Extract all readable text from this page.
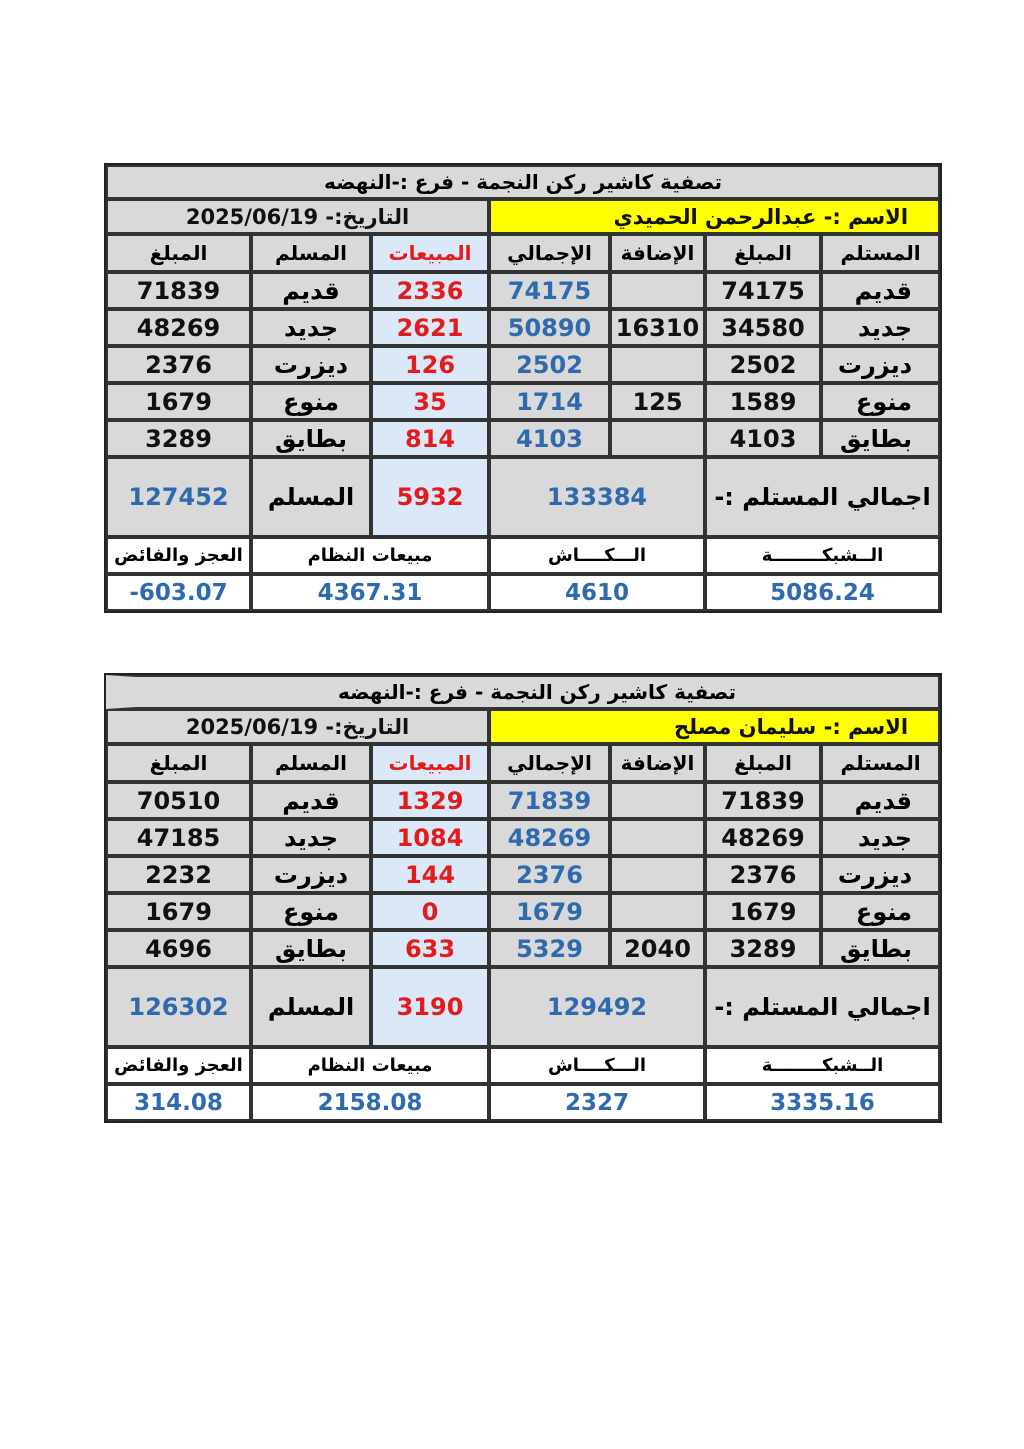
تصفية كاشير ركن النجمة - فرع :-النهضه						
التاريخ:- 2025/06/19			الاسم :- عبدالرحمن الحميدي			
المبلغ	المسلم	المبيعات	الإجمالي	الإضافة	المبلغ	المستلم
71839	قديم	2336	74175		74175	قديم
48269	جديد	2621	50890	16310	34580	جديد
2376	ديزرت	126	2502		2502	ديزرت
1679	منوع	35	1714	125	1589	منوع
3289	بطايق	814	4103		4103	بطايق
127452	المسلم	5932	133384		اجمالي المستلم :-	
العجز والفائض	مبيعات النظام		الـــكــــاش		الــشبكــــــــة	
-603.07	4367.31		4610		5086.24	
تصفية كاشير ركن النجمة - فرع :-النهضه						
التاريخ:- 2025/06/19			الاسم :- سليمان مصلح			
المبلغ	المسلم	المبيعات	الإجمالي	الإضافة	المبلغ	المستلم
70510	قديم	1329	71839		71839	قديم
47185	جديد	1084	48269		48269	جديد
2232	ديزرت	144	2376		2376	ديزرت
1679	منوع	0	1679		1679	منوع
4696	بطايق	633	5329	2040	3289	بطايق
126302	المسلم	3190	129492		اجمالي المستلم :-	
العجز والفائض	مبيعات النظام		الـــكــــاش		الــشبكــــــــة	
314.08	2158.08		2327		3335.16	
